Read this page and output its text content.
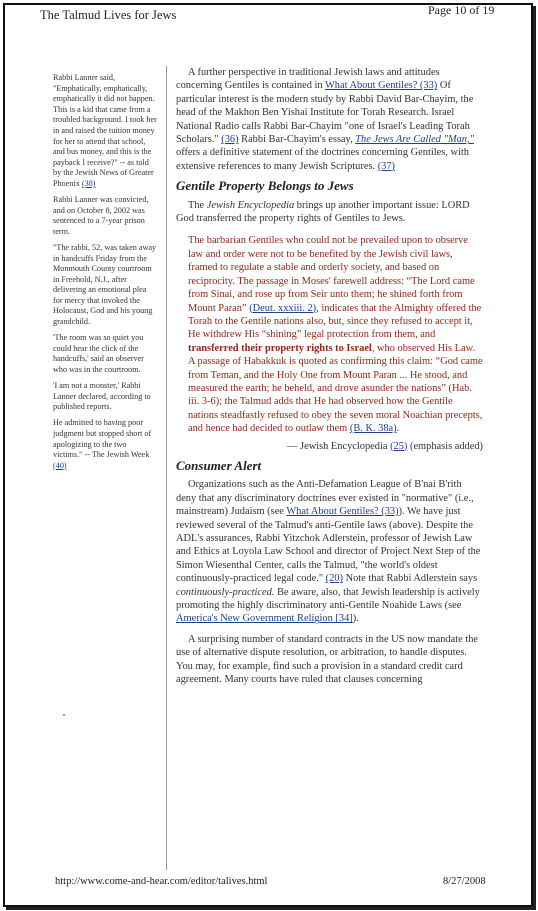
The Talmud Lives for Jews	Page 10 of 19

Rabbi Lanner said, "Emphatically, emphatically, emphatically it did not happen. This is a kid that came from a troubled background. I took her in and raised the tuition money for her to attend that school, and bus money, and this is the payback I receive?" -- as told by the Jewish News of Greater Phoenix (38)

Rabbi Lanner was convicted, and on October 8, 2002 was sentenced to a 7-year prison term.

"The rabbi, 52, was taken away in handcuffs Friday from the Monmouth County courtroom in Freehold, N.J., after delivering an emotional plea for mercy that invoked the Holocaust, God and his young grandchild.

'The room was so quiet you could hear the click of the handcuffs,' said an observer who was in the courtroom.

'I am not a monster,' Rabbi Lanner declared, according to published reports.

He admitted to having poor judgment but stopped short of apologizing to the two victims." -- The Jewish Week (40)

A further perspective in traditional Jewish laws and attitudes concerning Gentiles is contained in What About Gentiles? (33) Of particular interest is the modern study by Rabbi David Bar-Chayim, the head of the Makhon Ben Yishai Institute for Torah Research. Israel National Radio calls Rabbi Bar-Chayim "one of Israel's Leading Torah Scholars." (36) Rabbi Bar-Chayim's essay, The Jews Are Called "Man," offers a definitive statement of the doctrines concerning Gentiles, with extensive references to many Jewish Scriptures. (37)

Gentile Property Belongs to Jews

The Jewish Encyclopedia brings up another important issue: LORD God transferred the property rights of Gentiles to Jews.

The barbarian Gentiles who could not be prevailed upon to observe law and order were not to be benefited by the Jewish civil laws, framed to regulate a stable and orderly society, and based on reciprocity. The passage in Moses' farewell address: “The Lord came from Sinai, and rose up from Seir unto them; he shined forth from Mount Paran” (Deut. xxxiii. 2), indicates that the Almighty offered the Torah to the Gentile nations also, but, since they refused to accept it, He withdrew His “shining” legal protection from them, and transferred their property rights to Israel, who observed His Law. A passage of Habakkuk is quoted as confirming this claim: “God came from Teman, and the Holy One from Mount Paran ... He stood, and measured the earth; he beheld, and drove asunder the nations” (Hab. iii. 3-6); the Talmud adds that He had observed how the Gentile nations steadfastly refused to obey the seven moral Noachian precepts, and hence had decided to outlaw them (B. K. 38a).

— Jewish Encyclopedia (25) (emphasis added)
Consumer Alert

Organizations such as the Anti-Defamation League of B'nai B'rith deny that any discriminatory doctrines ever existed in "normative" (i.e., mainstream) Judaism (see What About Gentiles? (33)). We have just reviewed several of the Talmud's anti-Gentile laws (above). Despite the ADL's assurances, Rabbi Yitzchok Adlerstein, professor of Jewish Law and Ethics at Loyola Law School and director of Project Next Step of the Simon Wiesenthal Center, calls the Talmud, "the world's oldest continuously-practiced legal code." (20) Note that Rabbi Adlerstein says continuously-practiced. Be aware, also, that Jewish leadership is actively promoting the highly discriminatory anti-Gentile Noahide Laws (see America's New Government Religion [34]).

A surprising number of standard contracts in the US now mandate the use of alternative dispute resolution, or arbitration, to handle disputes. You may, for example, find such a provision in a standard credit card agreement. Many courts have ruled that clauses concerning

http://www.come-and-hear.com/editor/talives.html	8/27/2008
